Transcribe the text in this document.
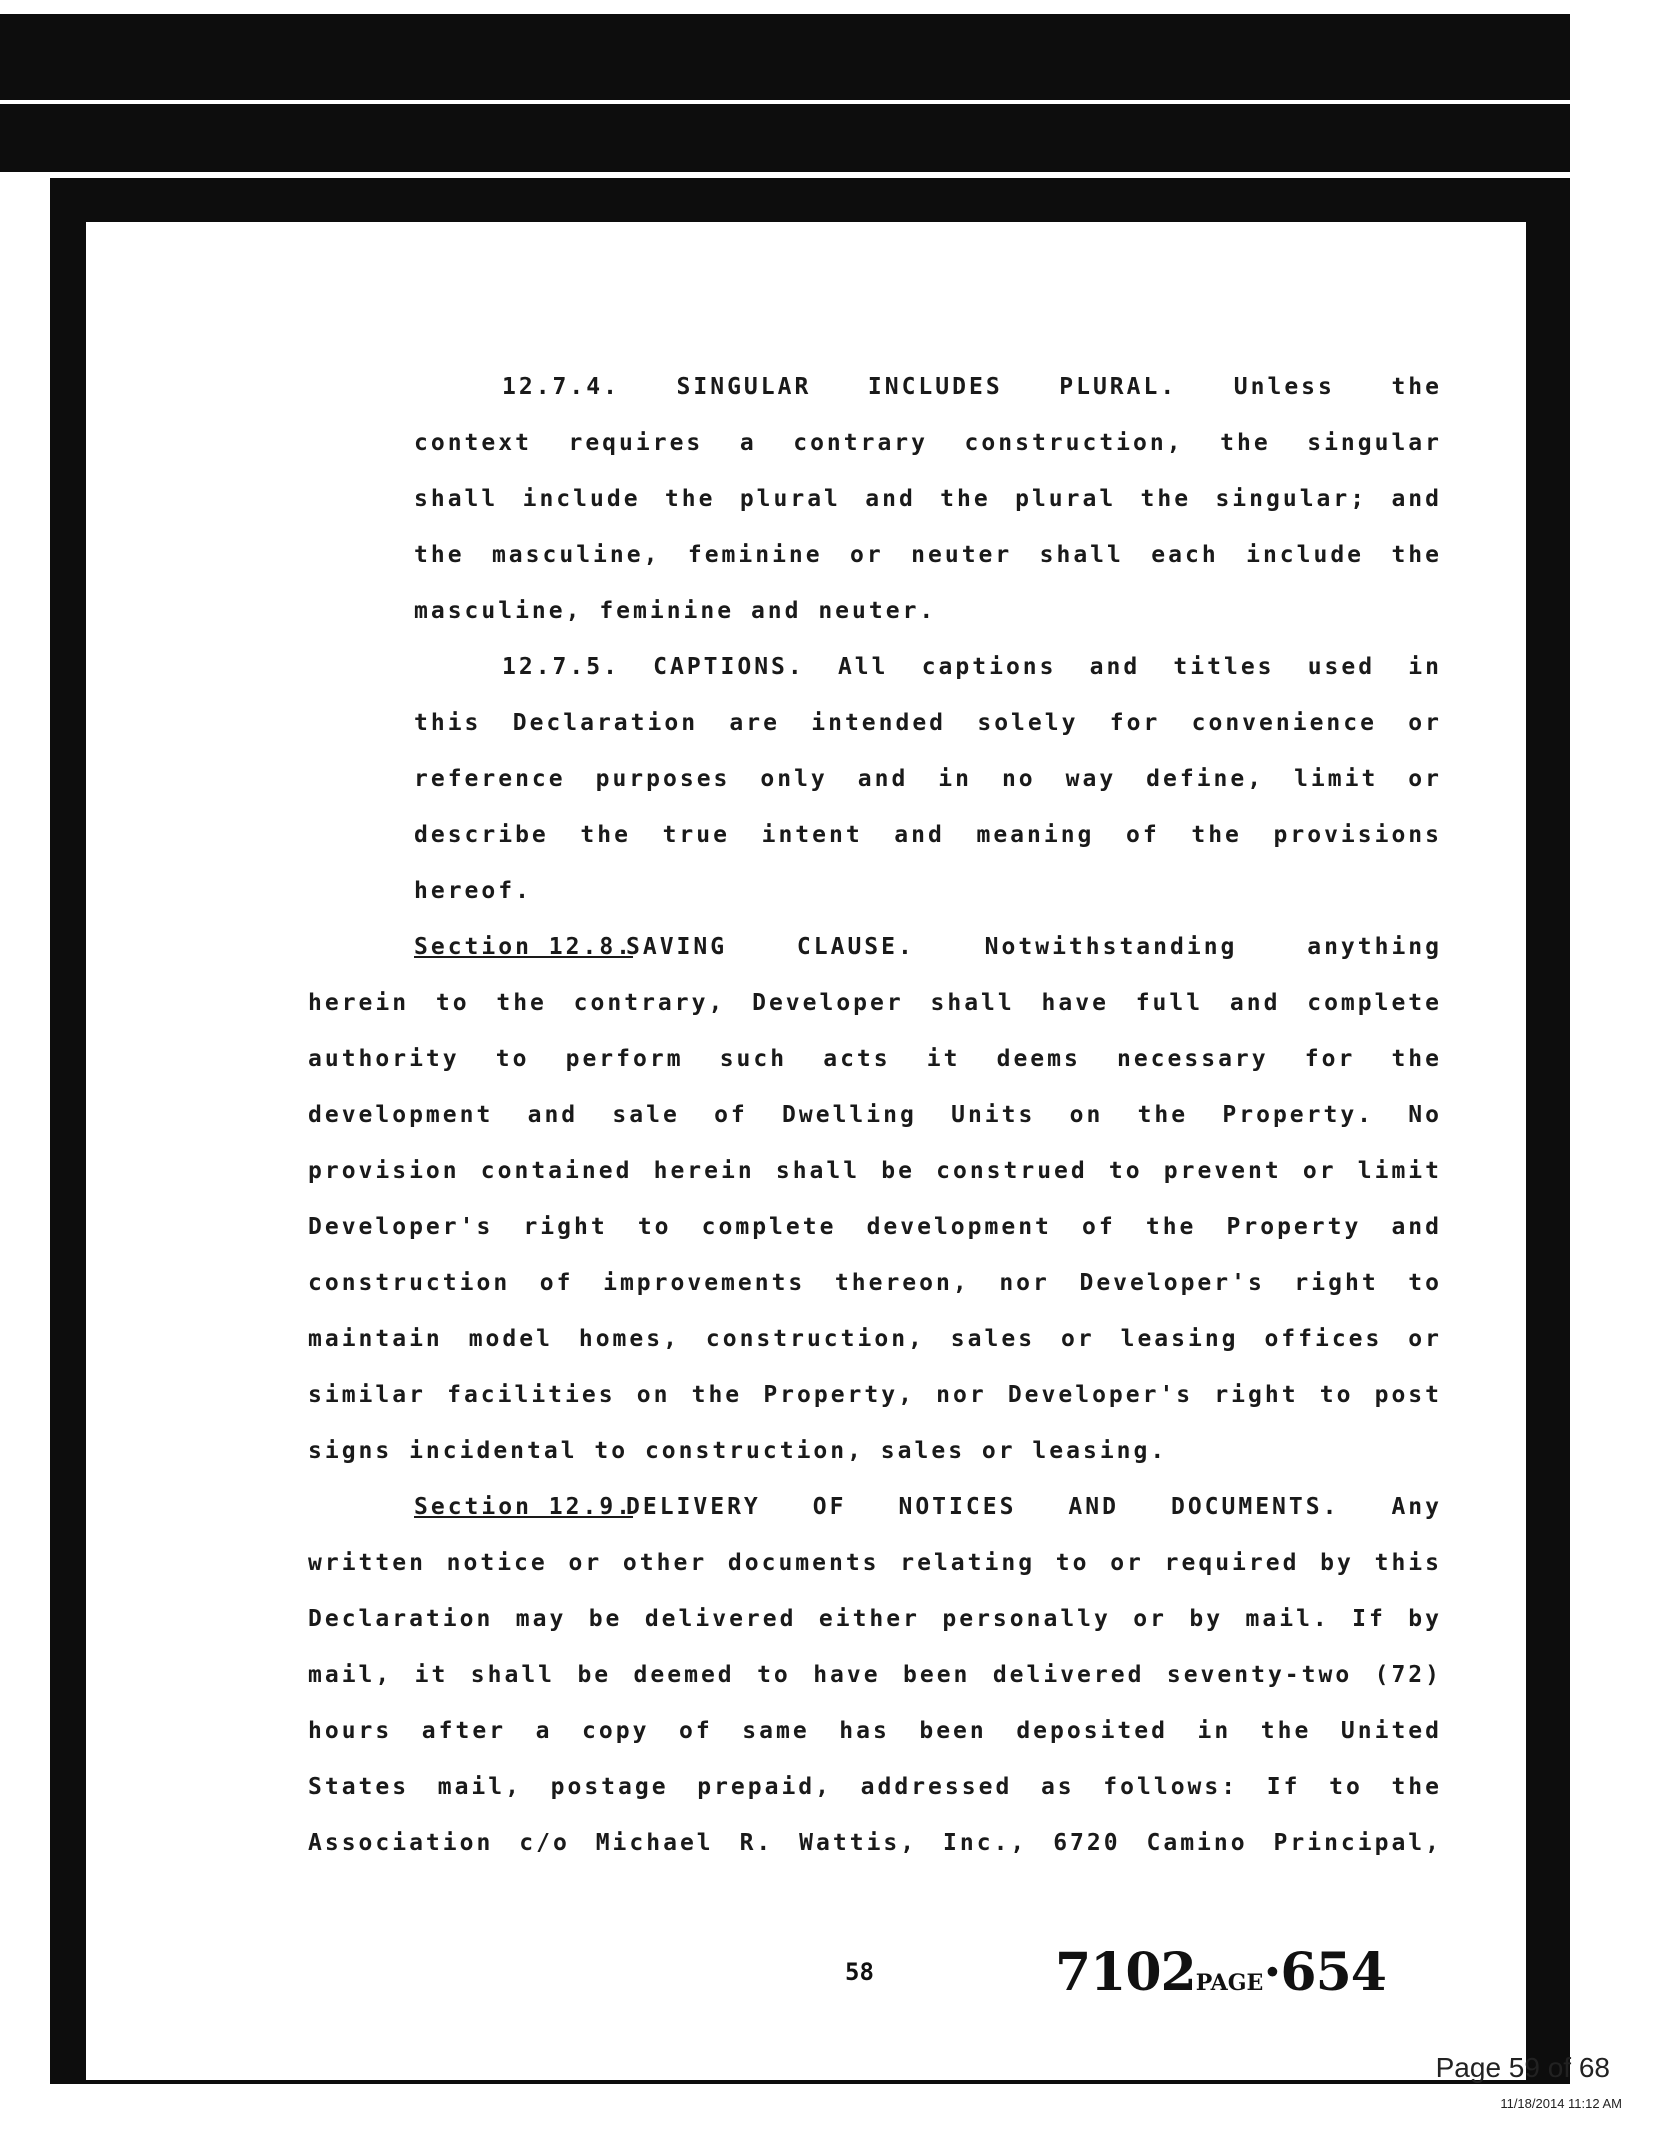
12.7.4. SINGULAR INCLUDES PLURAL. Unless the
context requires a contrary construction, the singular
shall include the plural and the plural the singular; and
the masculine, feminine or neuter shall each include the
masculine, feminine and neuter.
12.7.5. CAPTIONS. All captions and titles used in
this Declaration are intended solely for convenience or
reference purposes only and in no way define, limit or
describe the true intent and meaning of the provisions
hereof.
Section 12.8.
SAVING CLAUSE. Notwithstanding anything
herein to the contrary, Developer shall have full and complete
authority to perform such acts it deems necessary for the
development and sale of Dwelling Units on the Property. No
provision contained herein shall be construed to prevent or limit
Developer's right to complete development of the Property and
construction of improvements thereon, nor Developer's right to
maintain model homes, construction, sales or leasing offices or
similar facilities on the Property, nor Developer's right to post
signs incidental to construction, sales or leasing.
Section 12.9.
DELIVERY OF NOTICES AND DOCUMENTS. Any
written notice or other documents relating to or required by this
Declaration may be delivered either personally or by mail. If by
mail, it shall be deemed to have been delivered seventy-two (72)
hours after a copy of same has been deposited in the United
States mail, postage prepaid, addressed as follows: If to the
Association c/o Michael R. Wattis, Inc., 6720 Camino Principal,
58	7102PAGE·654
Page 59 of 68
11/18/2014 11:12 AM
